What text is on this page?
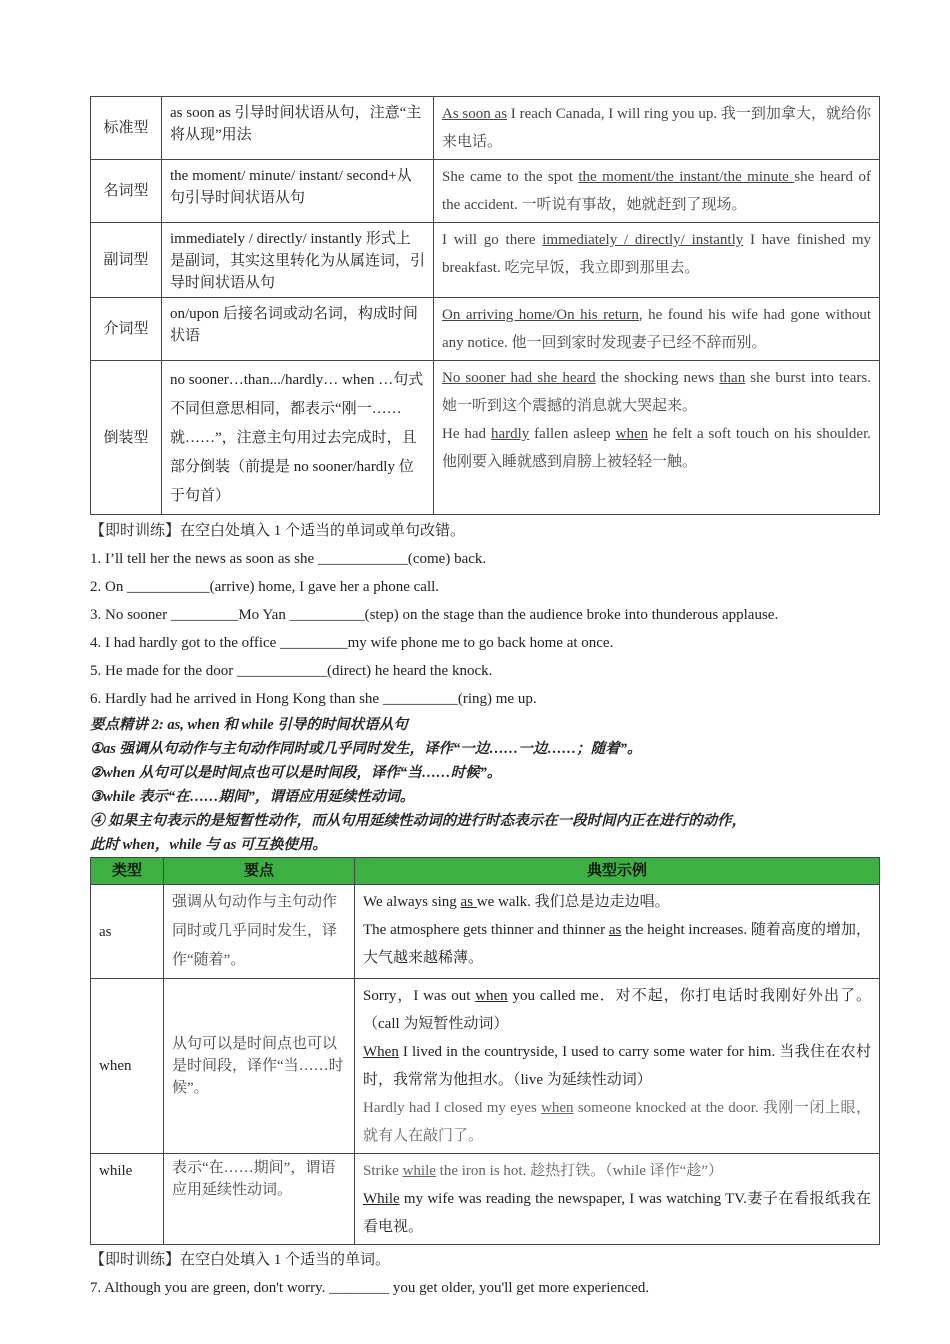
标准型	as soon as 引导时间状语从句，注意“主将从现”用法	As soon as I reach Canada, I will ring you up. 我一到加拿大，就给你来电话。
名词型	the moment/ minute/ instant/ second+从句引导时间状语从句	She came to the spot the moment/the instant/the minute she heard of the accident. 一听说有事故，她就赶到了现场。
副词型	immediately / directly/ instantly 形式上是副词，其实这里转化为从属连词，引导时间状语从句	I will go there immediately / directly/ instantly I have finished my breakfast. 吃完早饭，我立即到那里去。
介词型	on/upon 后接名词或动名词，构成时间状语	On arriving home/On his return, he found his wife had gone without any notice. 他一回到家时发现妻子已经不辞而别。
倒装型	no sooner…than.../hardly… when …句式不同但意思相同，都表示“刚一……就……”，注意主句用过去完成时，且部分倒装（前提是 no sooner/hardly 位于句首）	No sooner had she heard the shocking news than she burst into tears. 她一听到这个震撼的消息就大哭起来。
He had hardly fallen asleep when he felt a soft touch on his shoulder. 他刚要入睡就感到肩膀上被轻轻一触。
【即时训练】在空白处填入 1 个适当的单词或单句改错。
1. I’ll tell her the news as soon as she ____________(come) back.
2. On ___________(arrive) home, I gave her a phone call.
3. No sooner _________Mo Yan __________(step) on the stage than the audience broke into thunderous applause.
4. I had hardly got to the office _________my wife phone me to go back home at once.
5. He made for the door ____________(direct) he heard the knock.
6. Hardly had he arrived in Hong Kong than she __________(ring) me up.
要点精讲 2: as, when 和 while 引导的时间状语从句
①as 强调从句动作与主句动作同时或几乎同时发生，译作“一边……一边……；随着”。
②when 从句可以是时间点也可以是时间段，译作“当……时候”。
③while 表示“在……期间”，谓语应用延续性动词。
④ 如果主句表示的是短暂性动作，而从句用延续性动词的进行时态表示在一段时间内正在进行的动作，
此时 when，while 与 as 可互换使用。
类型	要点	典型示例
as	强调从句动作与主句动作同时或几乎同时发生，译作“随着”。	We always sing as we walk. 我们总是边走边唱。
The atmosphere gets thinner and thinner as the height increases. 随着高度的增加，大气越来越稀薄。

when	从句可以是时间点也可以是时间段，译作“当……时候”。	Sorry，I was out when you called me．对不起，你打电话时我刚好外出了。（call 为短暂性动词）
When I lived in the countryside, I used to carry some water for him. 当我住在农村时，我常常为他担水。（live 为延续性动词）
Hardly had I closed my eyes when someone knocked at the door. 我刚一闭上眼，就有人在敲门了。

while	表示“在……期间”，谓语应用延续性动词。	Strike while the iron is hot. 趁热打铁。（while 译作“趁”）
While my wife was reading the newspaper, I was watching TV.妻子在看报纸我在看电视。
【即时训练】在空白处填入 1 个适当的单词。
7. Although you are green, don't worry. ________ you get older, you'll get more experienced.
